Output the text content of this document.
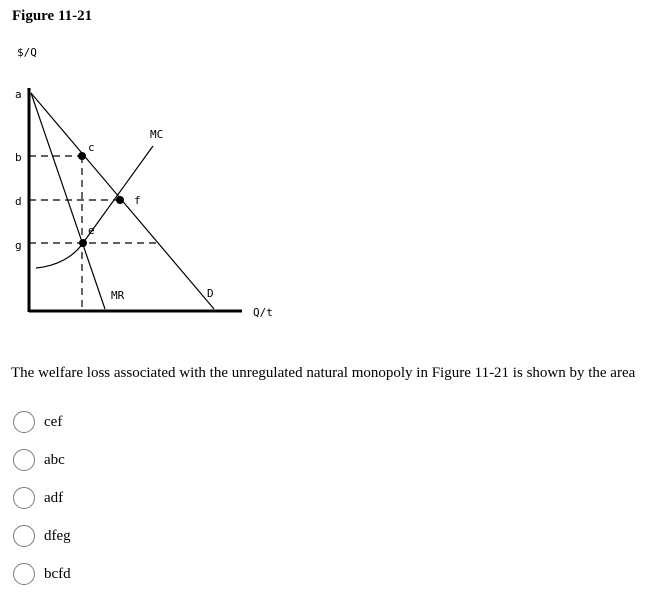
Figure 11-21
$/Q
Q/t
a
b
d
g
c
f
e
MC
MR	D
The welfare loss associated with the unregulated natural monopoly in Figure 11-21 is shown by the area
cef
abc
adf
dfeg
bcfd
